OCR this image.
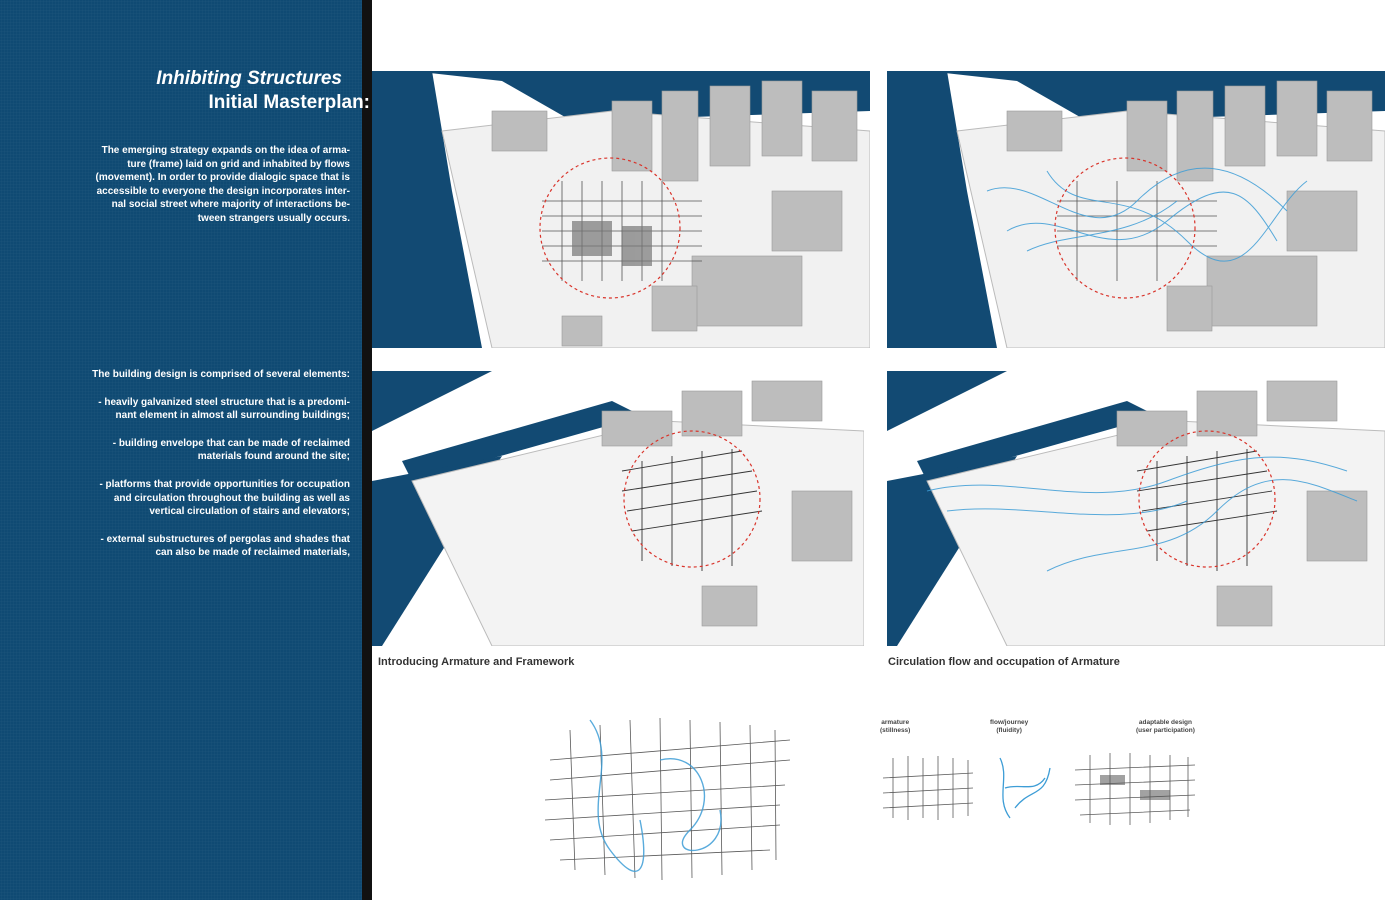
Inhibiting Structures
Initial Masterplan:
The emerging strategy expands on the idea of arma-
ture (frame) laid on grid and inhabited by flows
(movement). In order to provide dialogic space that is
accessible to everyone the design incorporates inter-
nal social street where majority of interactions be-
tween strangers usually occurs.
The building design is comprised of several elements:
- heavily galvanized steel structure that is a predomi-
nant element in almost all surrounding buildings;
- building envelope that can be made of reclaimed
materials found around the site;
- platforms that provide opportunities for occupation
and circulation throughout the building as well as
vertical circulation of stairs and elevators;
- external substructures of pergolas and shades that
can also be made of reclaimed materials,
Introducing Armature and Framework	Circulation flow and occupation of Armature
armature
(stillness)
flow/journey
(fluidity)
adaptable design
(user participation)
